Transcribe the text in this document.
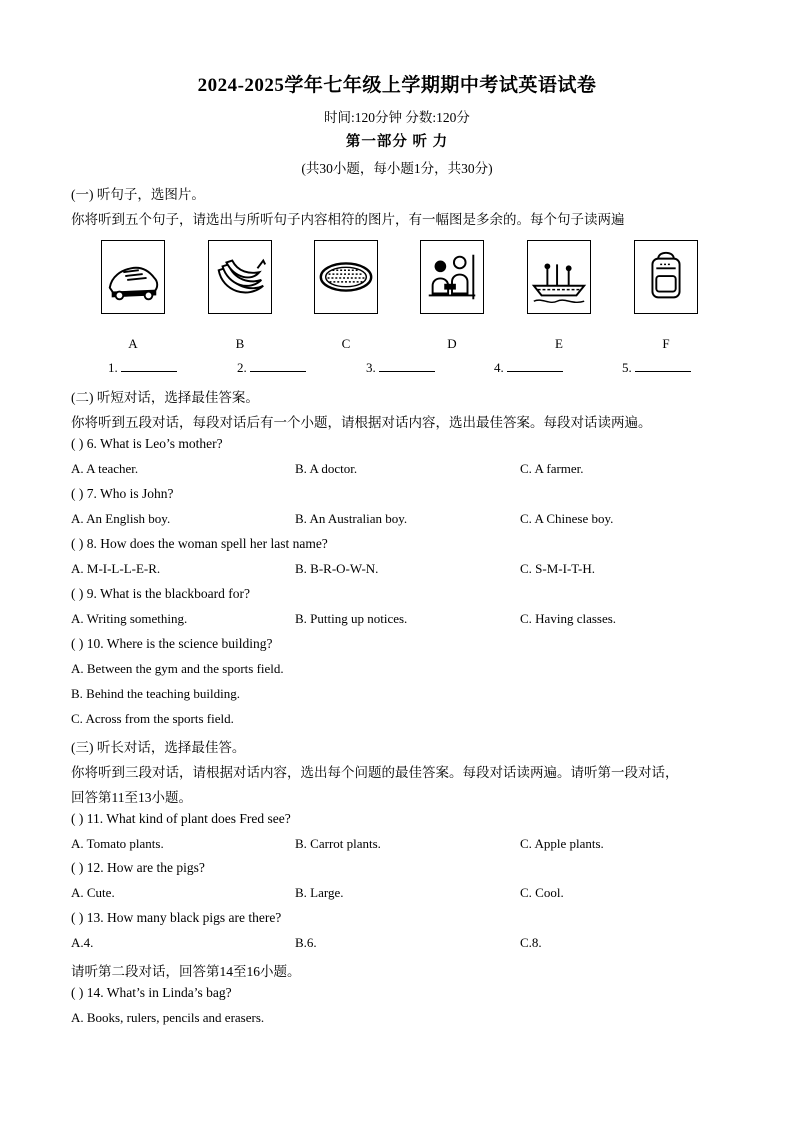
2024-2025学年七年级上学期期中考试英语试卷
时间:120分钟 分数:120分
第一部分 听 力
(共30小题，每小题1分，共30分)
(一) 听句子，选图片。
你将听到五个句子，请选出与所听句子内容相符的图片，有一幅图是多余的。每个句子读两遍
A	B	C	D	E	F
1.	2.	3.	4.	5.
(二) 听短对话，选择最佳答案。
你将听到五段对话，每段对话后有一个小题，请根据对话内容，选出最佳答案。每段对话读两遍。
( ) 6. What is Leo’s mother?
A. A teacher.	B. A doctor.	C. A farmer.
( ) 7. Who is John?
A. An English boy.	B. An Australian boy.	C. A Chinese boy.
( ) 8. How does the woman spell her last name?
A. M-I-L-L-E-R.	B. B-R-O-W-N.	C. S-M-I-T-H.
( ) 9. What is the blackboard for?
A. Writing something.	B. Putting up notices.	C. Having classes.
( ) 10. Where is the science building?
A. Between the gym and the sports field.
B. Behind the teaching building.
C. Across from the sports field.
(三) 听长对话，选择最佳答。
你将听到三段对话，请根据对话内容，选出每个问题的最佳答案。每段对话读两遍。请听第一段对话，
回答第11至13小题。
( ) 11. What kind of plant does Fred see?
A. Tomato plants.	B. Carrot plants.	C. Apple plants.
( ) 12. How are the pigs?
A. Cute.	B. Large.	C. Cool.
( ) 13. How many black pigs are there?
A.4.	B.6.	C.8.
请听第二段对话，回答第14至16小题。
( ) 14. What’s in Linda’s bag?
A. Books, rulers, pencils and erasers.
